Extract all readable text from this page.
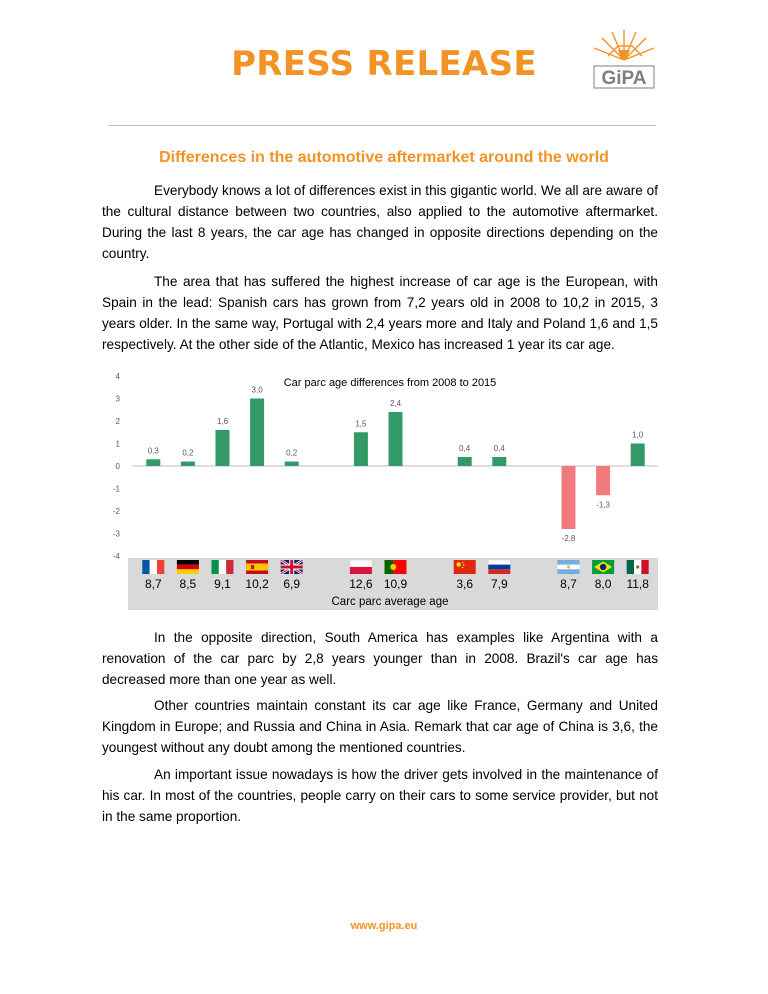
PRESS RELEASE	GiPA
Differences in the automotive aftermarket around the world

Everybody knows a lot of differences exist in this gigantic world. We all are aware of the cultural distance between two countries, also applied to the automotive aftermarket. During the last 8 years, the car age has changed in opposite directions depending on the country.

The area that has suffered the highest increase of car age is the European, with Spain in the lead: Spanish cars has grown from 7,2 years old in 2008 to 10,2 in 2015, 3 years older. In the same way, Portugal with 2,4 years more and Italy and Poland 1,6 and 1,5 respectively. At the other side of the Atlantic, Mexico has increased 1 year its car age.

Car parc age differences from 2008 to 2015
4
3
2
1
0
-1
-2
-3
-4
0,3	0,2
1,6
3,0
0,2
1,5
2,4
0,4	0,4
-2,8
-1,3
1,0
8,7 8,5 9,1 10,2 6,9	12,6 10,9	3,6 7,9	8,7 8,0 11,8
Carc parc average age

In the opposite direction, South America has examples like Argentina with a renovation of the car parc by 2,8 years younger than in 2008. Brazil's car age has decreased more than one year as well.

Other countries maintain constant its car age like France, Germany and United Kingdom in Europe; and Russia and China in Asia. Remark that car age of China is 3,6, the youngest without any doubt among the mentioned countries.

An important issue nowadays is how the driver gets involved in the maintenance of his car. In most of the countries, people carry on their cars to some service provider, but not in the same proportion.

www.gipa.eu
